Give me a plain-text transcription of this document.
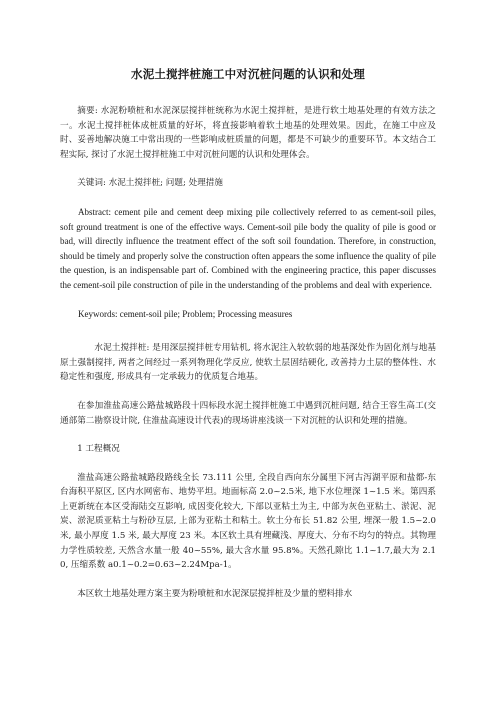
水泥土搅拌桩施工中对沉桩问题的认识和处理

摘要: 水泥粉喷桩和水泥深层搅拌桩统称为水泥土搅拌桩，是进行软土地基处理的有效方法之一。水泥土搅拌桩体成桩质量的好坏，将直接影响着软土地基的处理效果。因此，在施工中应及时、妥善地解决施工中常出现的一些影响成桩质量的问题，都是不可缺少的重要环节。本文结合工程实际, 探讨了水泥土搅拌桩施工中对沉桩问题的认识和处理体会。

关键词: 水泥土搅拌桩; 问题; 处理措施

Abstract: cement pile and cement deep mixing pile collectively referred to as cement-soil piles, soft ground treatment is one of the effective ways. Cement-soil pile body the quality of pile is good or bad, will directly influence the treatment effect of the soft soil foundation. Therefore, in construction, should be timely and properly solve the construction often appears the some influence the quality of pile the question, is an indispensable part of. Combined with the engineering practice, this paper discusses the cement-soil pile construction of pile in the understanding of the problems and deal with experience.

Keywords: cement-soil pile; Problem; Processing measures

水泥土搅拌桩: 是用深层搅拌桩专用钻机, 将水泥注入较软弱的地基深处作为固化剂与地基原土强制搅拌, 两者之间经过一系列物理化学反应, 使软土层固结硬化, 改善持力土层的整体性、水稳定性和强度, 形成具有一定承载力的优质复合地基。

在参加淮盐高速公路盐城路段十四标段水泥土搅拌桩施工中遇到沉桩问题, 结合王容生高工(交通部第二勘察设计院, 住淮盐高速设计代表)的现场讲座浅谈一下对沉桩的认识和处理的措施。

1 工程概况

淮盐高速公路盐城路段路线全长 73.111 公里, 全段自西向东分属里下河古泻湖平原和盐都-东台海积平原区, 区内水网密布、地势平坦。地面标高 2.0~2.5米, 地下水位埋深 1~1.5 米。第四系上更新统在本区受海陆交互影响, 成因变化较大, 下部以亚粘土为主, 中部为灰色亚粘土、淤泥、泥炭、淤泥质亚粘土与粉砂互层, 上部为亚粘土和粘土。软土分布长 51.82 公里, 埋深一般 1.5~2.0 米, 最小厚度 1.5 米, 最大厚度 23 米。本区软土具有埋藏浅、厚度大、分布不均匀的特点。其物理力学性质较差, 天然含水量一般 40~55%, 最大含水量 95.8%。天然孔隙比 1.1~1.7,最大为 2.10, 压缩系数 a0.1~0.2=0.63~2.24Mpa-1。

本区软土地基处理方案主要为粉喷桩和水泥深层搅拌桩及少量的塑料排水
